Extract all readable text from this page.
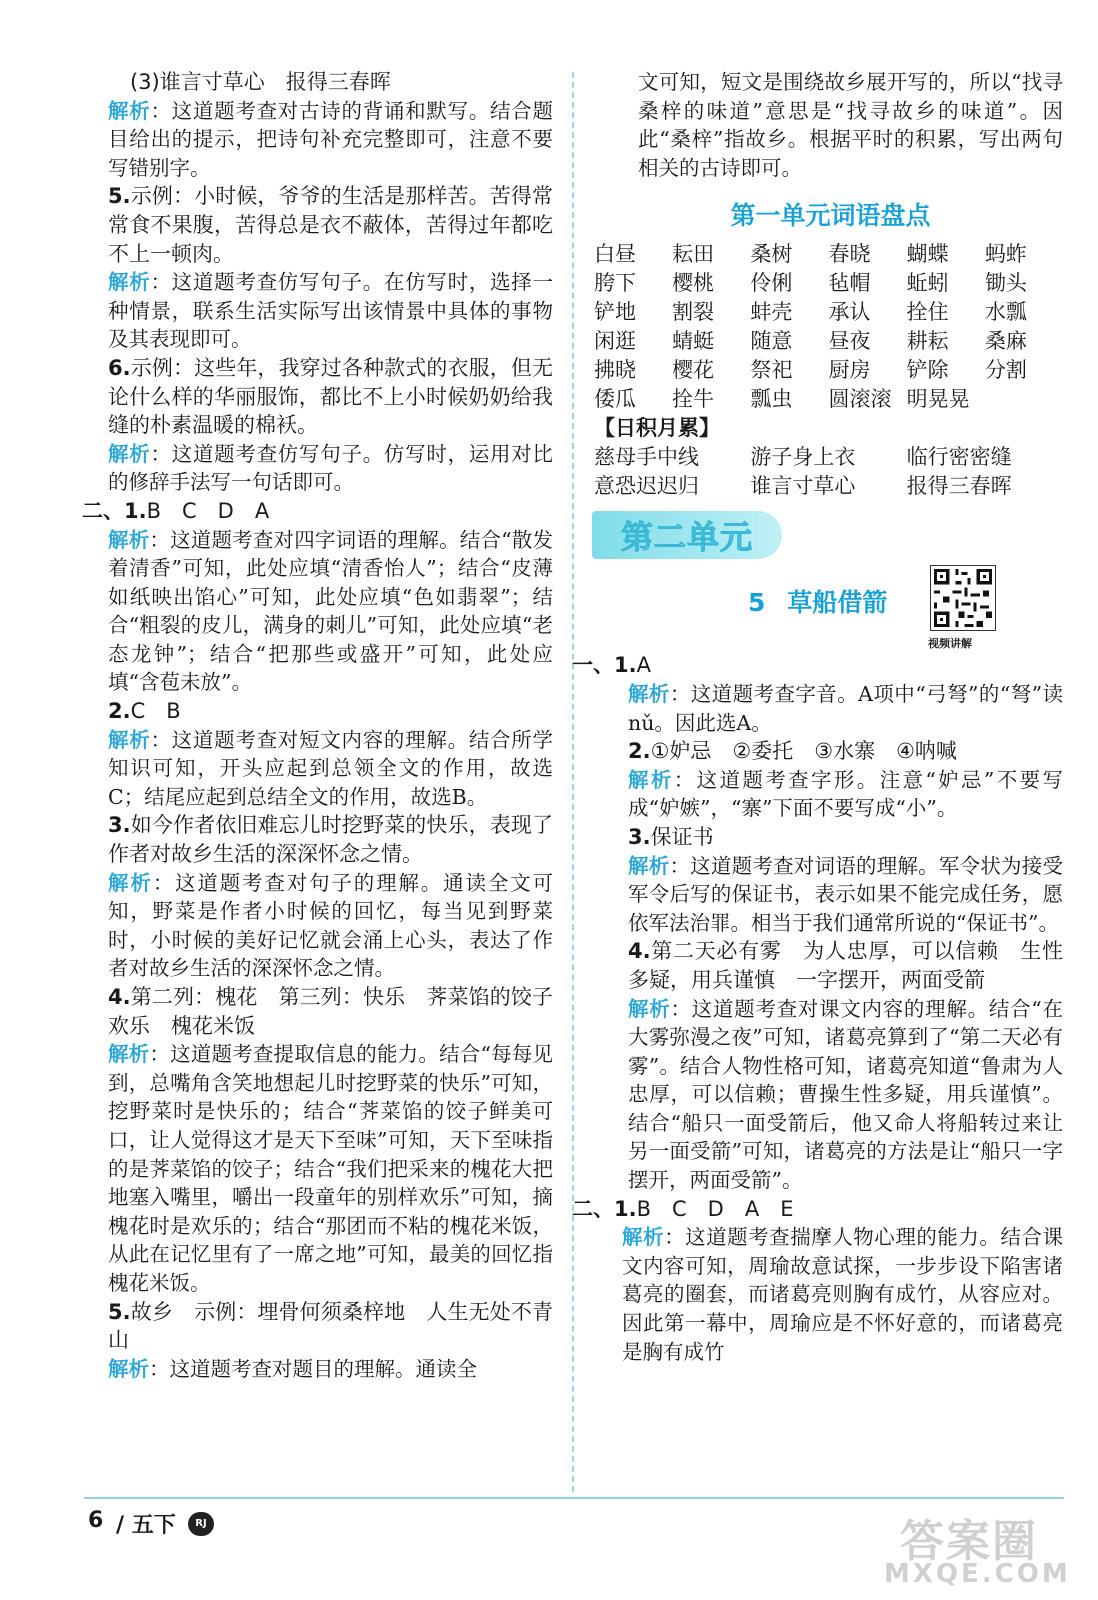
(3)谁言寸草心　报得三春晖

解析：这道题考查对古诗的背诵和默写。结合题目给出的提示，把诗句补充完整即可，注意不要写错别字。

5.示例：小时候，爷爷的生活是那样苦。苦得常常食不果腹，苦得总是衣不蔽体，苦得过年都吃不上一顿肉。

解析：这道题考查仿写句子。在仿写时，选择一种情景，联系生活实际写出该情景中具体的事物及其表现即可。

6.示例：这些年，我穿过各种款式的衣服，但无论什么样的华丽服饰，都比不上小时候奶奶给我缝的朴素温暖的棉袄。

解析：这道题考查仿写句子。仿写时，运用对比的修辞手法写一句话即可。

二、1.B　C　D　A

解析：这道题考查对四字词语的理解。结合“散发着清香”可知，此处应填“清香怡人”；结合“皮薄如纸映出馅心”可知，此处应填“色如翡翠”；结合“粗裂的皮儿，满身的刺儿”可知，此处应填“老态龙钟”；结合“把那些或盛开”可知，此处应填“含苞未放”。

2.C　B

解析：这道题考查对短文内容的理解。结合所学知识可知，开头应起到总领全文的作用，故选C；结尾应起到总结全文的作用，故选B。

3.如今作者依旧难忘儿时挖野菜的快乐，表现了作者对故乡生活的深深怀念之情。

解析：这道题考查对句子的理解。通读全文可知，野菜是作者小时候的回忆，每当见到野菜时，小时候的美好记忆就会涌上心头，表达了作者对故乡生活的深深怀念之情。

4.第二列：槐花　第三列：快乐　荠菜馅的饺子　欢乐　槐花米饭

解析：这道题考查提取信息的能力。结合“每每见到，总嘴角含笑地想起儿时挖野菜的快乐”可知，挖野菜时是快乐的；结合“荠菜馅的饺子鲜美可口，让人觉得这才是天下至味”可知，天下至味指的是荠菜馅的饺子；结合“我们把采来的槐花大把地塞入嘴里，嚼出一段童年的别样欢乐”可知，摘槐花时是欢乐的；结合“那团而不粘的槐花米饭，从此在记忆里有了一席之地”可知，最美的回忆指槐花米饭。

5.故乡　示例：埋骨何须桑梓地　人生无处不青山

解析：这道题考查对题目的理解。通读全

文可知，短文是围绕故乡展开写的，所以“找寻桑梓的味道”意思是“找寻故乡的味道”。因此“桑梓”指故乡。根据平时的积累，写出两句相关的古诗即可。

第一单元词语盘点
白昼	耘田	桑树	春晓	蝴蝶	蚂蚱
胯下	樱桃	伶俐	毡帽	蚯蚓	锄头
铲地	割裂	蚌壳	承认	拴住	水瓢
闲逛	蜻蜓	随意	昼夜	耕耘	桑麻
拂晓	樱花	祭祀	厨房	铲除	分割
倭瓜	拴牛	瓢虫	圆滚滚 明晃晃
【日积月累】
慈母手中线	游子身上衣	临行密密缝
意恐迟迟归	谁言寸草心	报得三春晖
第二单元
5 草船借箭
视频讲解

一、1.A

解析：这道题考查字音。A项中“弓弩”的“弩”读nǔ。因此选A。

2.①妒忌　②委托　③水寨　④呐喊

解析：这道题考查字形。注意“妒忌”不要写成“妒嫉”，“寨”下面不要写成“小”。

3.保证书

解析：这道题考查对词语的理解。军令状为接受军令后写的保证书，表示如果不能完成任务，愿依军法治罪。相当于我们通常所说的“保证书”。

4.第二天必有雾　为人忠厚，可以信赖　生性多疑，用兵谨慎　一字摆开，两面受箭

解析：这道题考查对课文内容的理解。结合“在大雾弥漫之夜”可知，诸葛亮算到了“第二天必有雾”。结合人物性格可知，诸葛亮知道“鲁肃为人忠厚，可以信赖；曹操生性多疑，用兵谨慎”。结合“船只一面受箭后，他又命人将船转过来让另一面受箭”可知，诸葛亮的方法是让“船只一字摆开，两面受箭”。

二、1.B　C　D　A　E

解析：这道题考查揣摩人物心理的能力。结合课文内容可知，周瑜故意试探，一步步设下陷害诸葛亮的圈套，而诸葛亮则胸有成竹，从容应对。因此第一幕中，周瑜应是不怀好意的，而诸葛亮是胸有成竹

6 / 五下	RJ	答案圈
MXQE.COM
